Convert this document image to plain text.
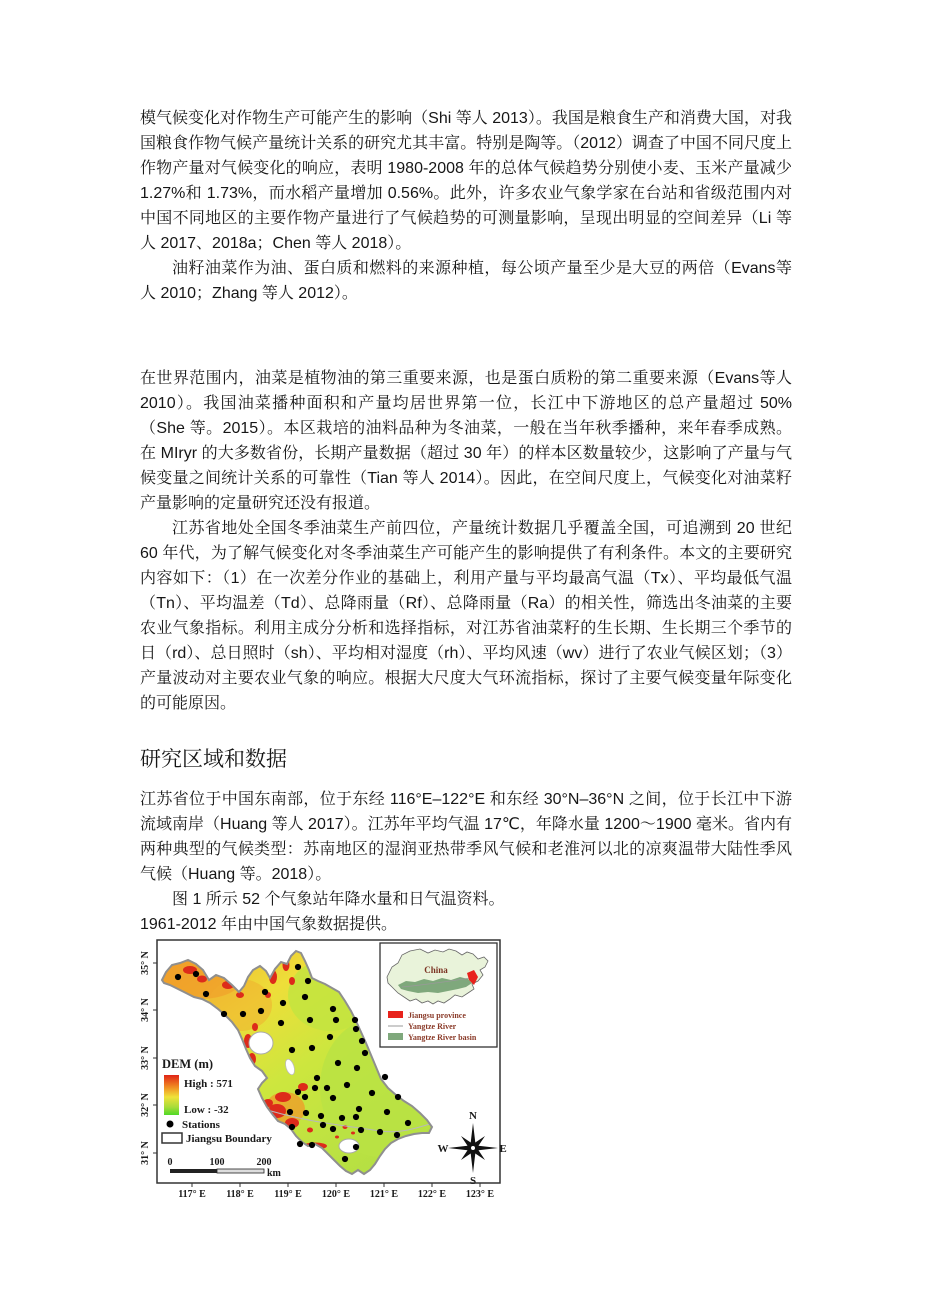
模气候变化对作物生产可能产生的影响（Shi 等人 2013）。我国是粮食生产和消费大国，对我国粮食作物气候产量统计关系的研究尤其丰富。特别是陶等。（2012）调查了中国不同尺度上作物产量对气候变化的响应，表明 1980-2008 年的总体气候趋势分别使小麦、玉米产量减少 1.27%和 1.73%，而水稻产量增加 0.56%。此外，许多农业气象学家在台站和省级范围内对中国不同地区的主要作物产量进行了气候趋势的可测量影响，呈现出明显的空间差异（Li 等人 2017、2018a；Chen 等人 2018）。

油籽油菜作为油、蛋白质和燃料的来源种植，每公顷产量至少是大豆的两倍（Evans等人 2010；Zhang 等人 2012）。

在世界范围内，油菜是植物油的第三重要来源，也是蛋白质粉的第二重要来源（Evans等人 2010）。我国油菜播种面积和产量均居世界第一位，长江中下游地区的总产量超过 50%（She 等。2015）。本区栽培的油料品种为冬油菜，一般在当年秋季播种，来年春季成熟。在 MIryr 的大多数省份，长期产量数据（超过 30 年）的样本区数量较少，这影响了产量与气候变量之间统计关系的可靠性（Tian 等人 2014）。因此，在空间尺度上，气候变化对油菜籽产量影响的定量研究还没有报道。

江苏省地处全国冬季油菜生产前四位，产量统计数据几乎覆盖全国，可追溯到 20 世纪 60 年代，为了解气候变化对冬季油菜生产可能产生的影响提供了有利条件。本文的主要研究内容如下：（1）在一次差分作业的基础上，利用产量与平均最高气温（Tx）、平均最低气温（Tn）、平均温差（Td）、总降雨量（Rf）、总降雨量（Ra）的相关性，筛选出冬油菜的主要农业气象指标。利用主成分分析和选择指标，对江苏省油菜籽的生长期、生长期三个季节的日（rd）、总日照时（sh）、平均相对湿度（rh）、平均风速（wv）进行了农业气候区划；（3）产量波动对主要农业气象的响应。根据大尺度大气环流指标，探讨了主要气候变量年际变化的可能原因。

研究区域和数据

江苏省位于中国东南部，位于东经 116°E–122°E 和东经 30°N–36°N 之间，位于长江中下游流域南岸（Huang 等人 2017）。江苏年平均气温 17℃，年降水量 1200～1900 毫米。省内有两种典型的气候类型：苏南地区的湿润亚热带季风气候和老淮河以北的凉爽温带大陆性季风气候（Huang 等。2018）。

图 1 所示 52 个气象站年降水量和日气温资料。

1961-2012 年由中国气象数据提供。

117° E 118° E 119° E 120° E 121° E 122° E 123° E
35° N
34° N
33° N
32° N
31° N
DEM (m)
High : 571
Low : -32
Stations
Jiangsu Boundary
0	100	200
km
N
E
S
W
China
Jiangsu province
Yangtze River
Yangtze River basin
